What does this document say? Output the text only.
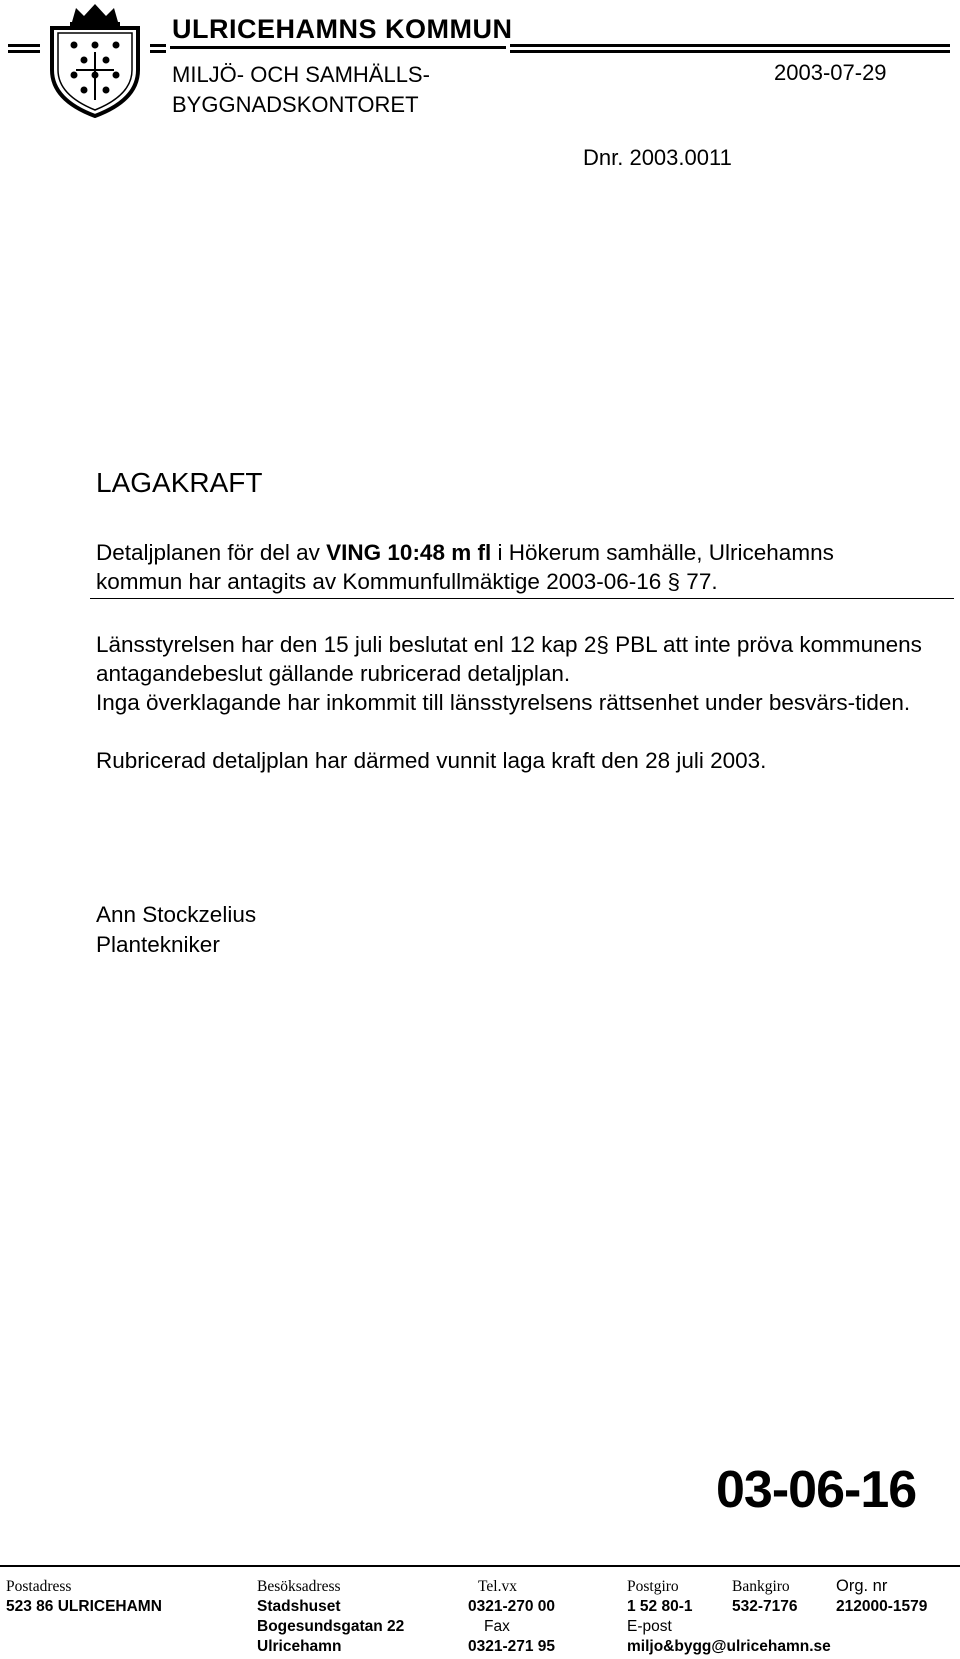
ULRICEHAMNS KOMMUN
MILJÖ- OCH SAMHÄLLS-BYGGNADSKONTORET
2003-07-29
Dnr. 2003.0011
LAGAKRAFT
Detaljplanen för del av VING 10:48 m fl i Hökerum samhälle, Ulricehamns kommun har antagits av Kommunfullmäktige 2003-06-16 § 77.
Länsstyrelsen har den 15 juli beslutat enl 12 kap 2§ PBL att inte pröva kommunens antagandebeslut gällande rubricerad detaljplan.
Inga överklagande har inkommit till länsstyrelsens rättsenhet under besvärs-tiden.
Rubricerad detaljplan har därmed vunnit laga kraft den 28 juli 2003.
Ann Stockzelius
Plantekniker
03-06-16
Postadress
523 86 ULRICEHAMN
Besöksadress
Stadshuset
Bogesundsgatan 22
Ulricehamn
Tel.vx
0321-270 00
Fax
0321-271 95
Postgiro
1 52 80-1
E-post
miljo&bygg@ulricehamn.se
Bankgiro
532-7176
Org. nr
212000-1579
